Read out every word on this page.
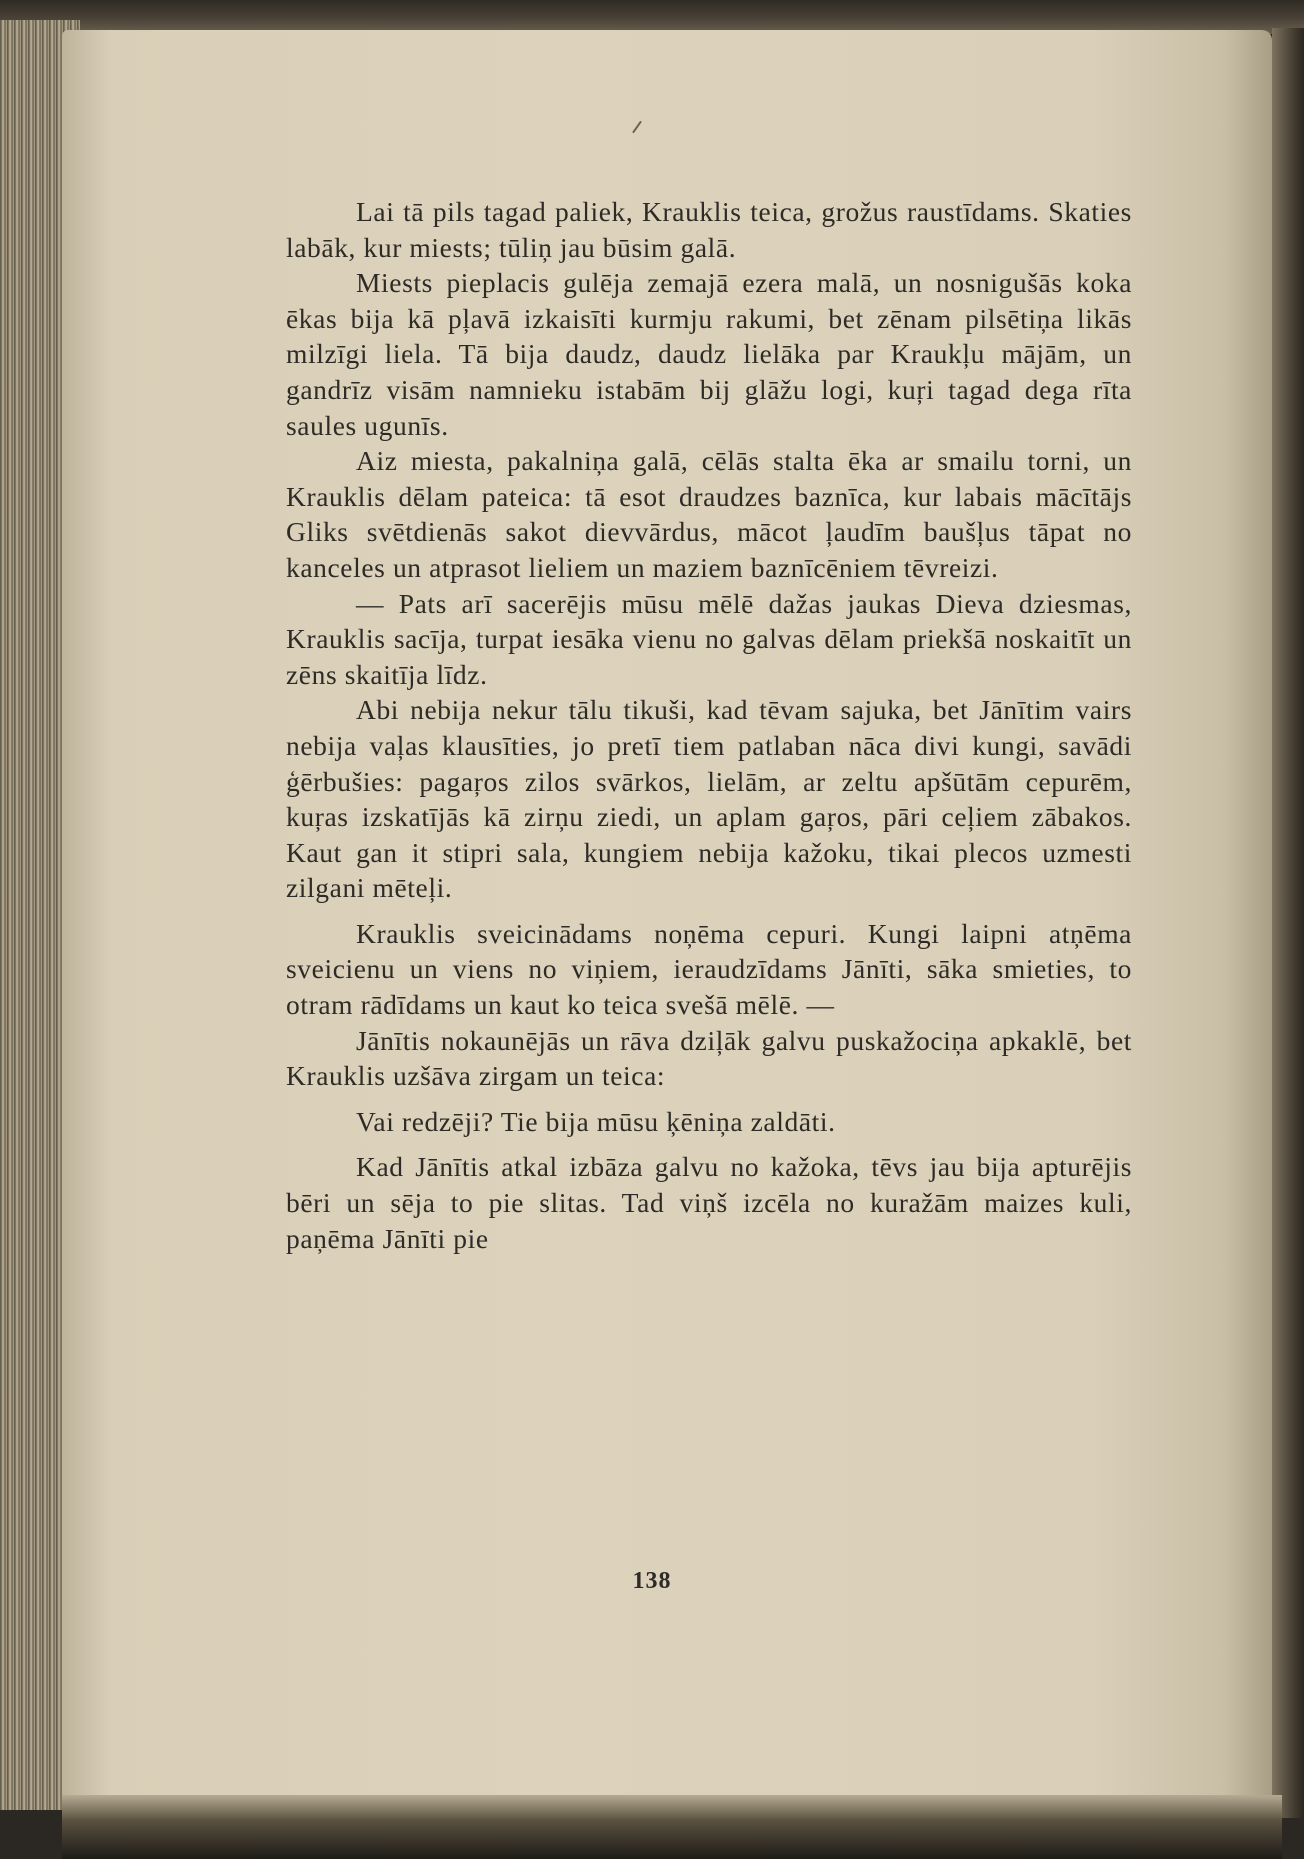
Lai tā pils tagad paliek, Krauklis teica, grožus raustīdams. Skaties labāk, kur miests; tūliņ jau būsim galā.

Miests pieplacis gulēja zemajā ezera malā, un nosnigušās koka ēkas bija kā pļavā izkaisīti kurmju rakumi, bet zēnam pilsētiņa likās milzīgi liela. Tā bija daudz, daudz lielāka par Kraukļu mājām, un gandrīz visām namnieku istabām bij glāžu logi, kuŗi tagad dega rīta saules ugunīs.

Aiz miesta, pakalniņa galā, cēlās stalta ēka ar smailu torni, un Krauklis dēlam pateica: tā esot draudzes baznīca, kur labais mācītājs Gliks svētdienās sakot dievvārdus, mācot ļaudīm baušļus tāpat no kanceles un atprasot lieliem un maziem baznīcēniem tēvreizi.

— Pats arī sacerējis mūsu mēlē dažas jaukas Dieva dziesmas, Krauklis sacīja, turpat iesāka vienu no galvas dēlam priekšā noskaitīt un zēns skaitīja līdz.

Abi nebija nekur tālu tikuši, kad tēvam sajuka, bet Jānītim vairs nebija vaļas klausīties, jo pretī tiem patlaban nāca divi kungi, savādi ģērbušies: pagaŗos zilos svārkos, lielām, ar zeltu apšūtām cepurēm, kuŗas izskatījās kā zirņu ziedi, un aplam gaŗos, pāri ceļiem zābakos. Kaut gan it stipri sala, kungiem nebija kažoku, tikai plecos uzmesti zilgani mēteļi.

Krauklis sveicinādams noņēma cepuri. Kungi laipni atņēma sveicienu un viens no viņiem, ieraudzīdams Jānīti, sāka smieties, to otram rādīdams un kaut ko teica svešā mēlē. —

Jānītis nokaunējās un rāva dziļāk galvu puskažociņa apkaklē, bet Krauklis uzšāva zirgam un teica:

Vai redzēji? Tie bija mūsu ķēniņa zaldāti.

Kad Jānītis atkal izbāza galvu no kažoka, tēvs jau bija apturējis bēri un sēja to pie slitas. Tad viņš izcēla no kuražām maizes kuli, paņēma Jānīti pie

138
